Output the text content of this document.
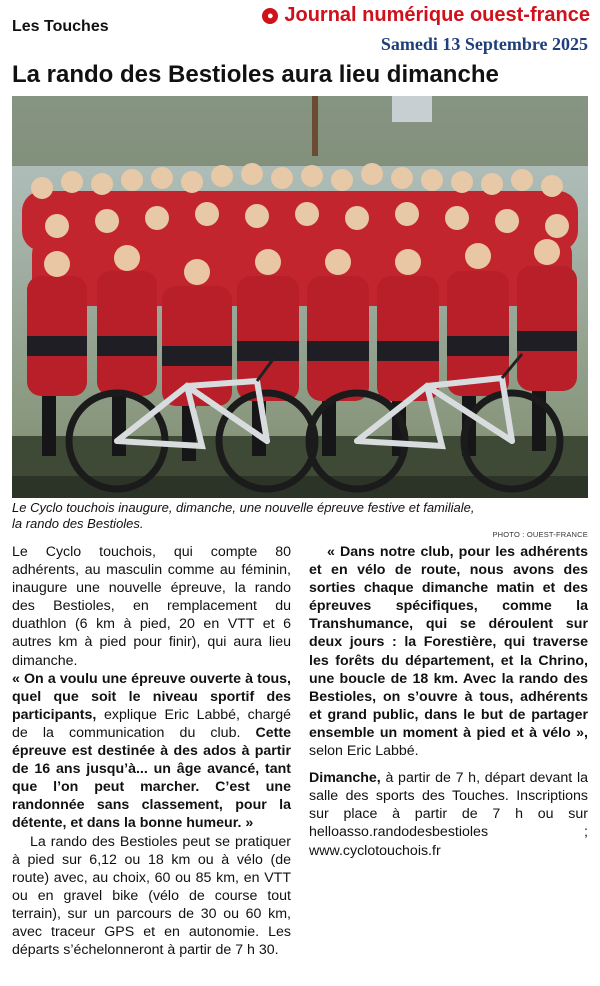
Les Touches
● Journal numérique ouest-france
Samedi 13 Septembre 2025
La rando des Bestioles aura lieu dimanche
Le Cyclo touchois inaugure, dimanche, une nouvelle épreuve festive et familiale, la rando des Bestioles.
PHOTO : OUEST-FRANCE

Le Cyclo touchois, qui compte 80 adhérents, au masculin comme au féminin, inaugure une nouvelle épreuve, la rando des Bestioles, en remplacement du duathlon (6 km à pied, 20 en VTT et 6 autres km à pied pour finir), qui aura lieu dimanche.

« On a voulu une épreuve ouverte à tous, quel que soit le niveau sportif des participants, explique Eric Labbé, chargé de la communication du club. Cette épreuve est destinée à des ados à partir de 16 ans jusqu’à... un âge avancé, tant que l’on peut marcher. C’est une randonnée sans classement, pour la détente, et dans la bonne humeur. »

La rando des Bestioles peut se pratiquer à pied sur 6,12 ou 18 km ou à vélo (de route) avec, au choix, 60 ou 85 km, en VTT ou en gravel bike (vélo de course tout terrain), sur un parcours de 30 ou 60 km, avec traceur GPS et en autonomie. Les départs s’échelonneront à partir de 7 h 30.

« Dans notre club, pour les adhérents et en vélo de route, nous avons des sorties chaque dimanche matin et des épreuves spécifiques, comme la Transhumance, qui se déroulent sur deux jours : la Forestière, qui traverse les forêts du département, et la Chrino, une boucle de 18 km. Avec la rando des Bestioles, on s’ouvre à tous, adhérents et grand public, dans le but de partager ensemble un moment à pied et à vélo », selon Eric Labbé.

Dimanche, à partir de 7 h, départ devant la salle des sports des Touches. Inscriptions sur place à partir de 7 h ou sur helloasso.randodesbestioles ; www.cyclotouchois.fr
